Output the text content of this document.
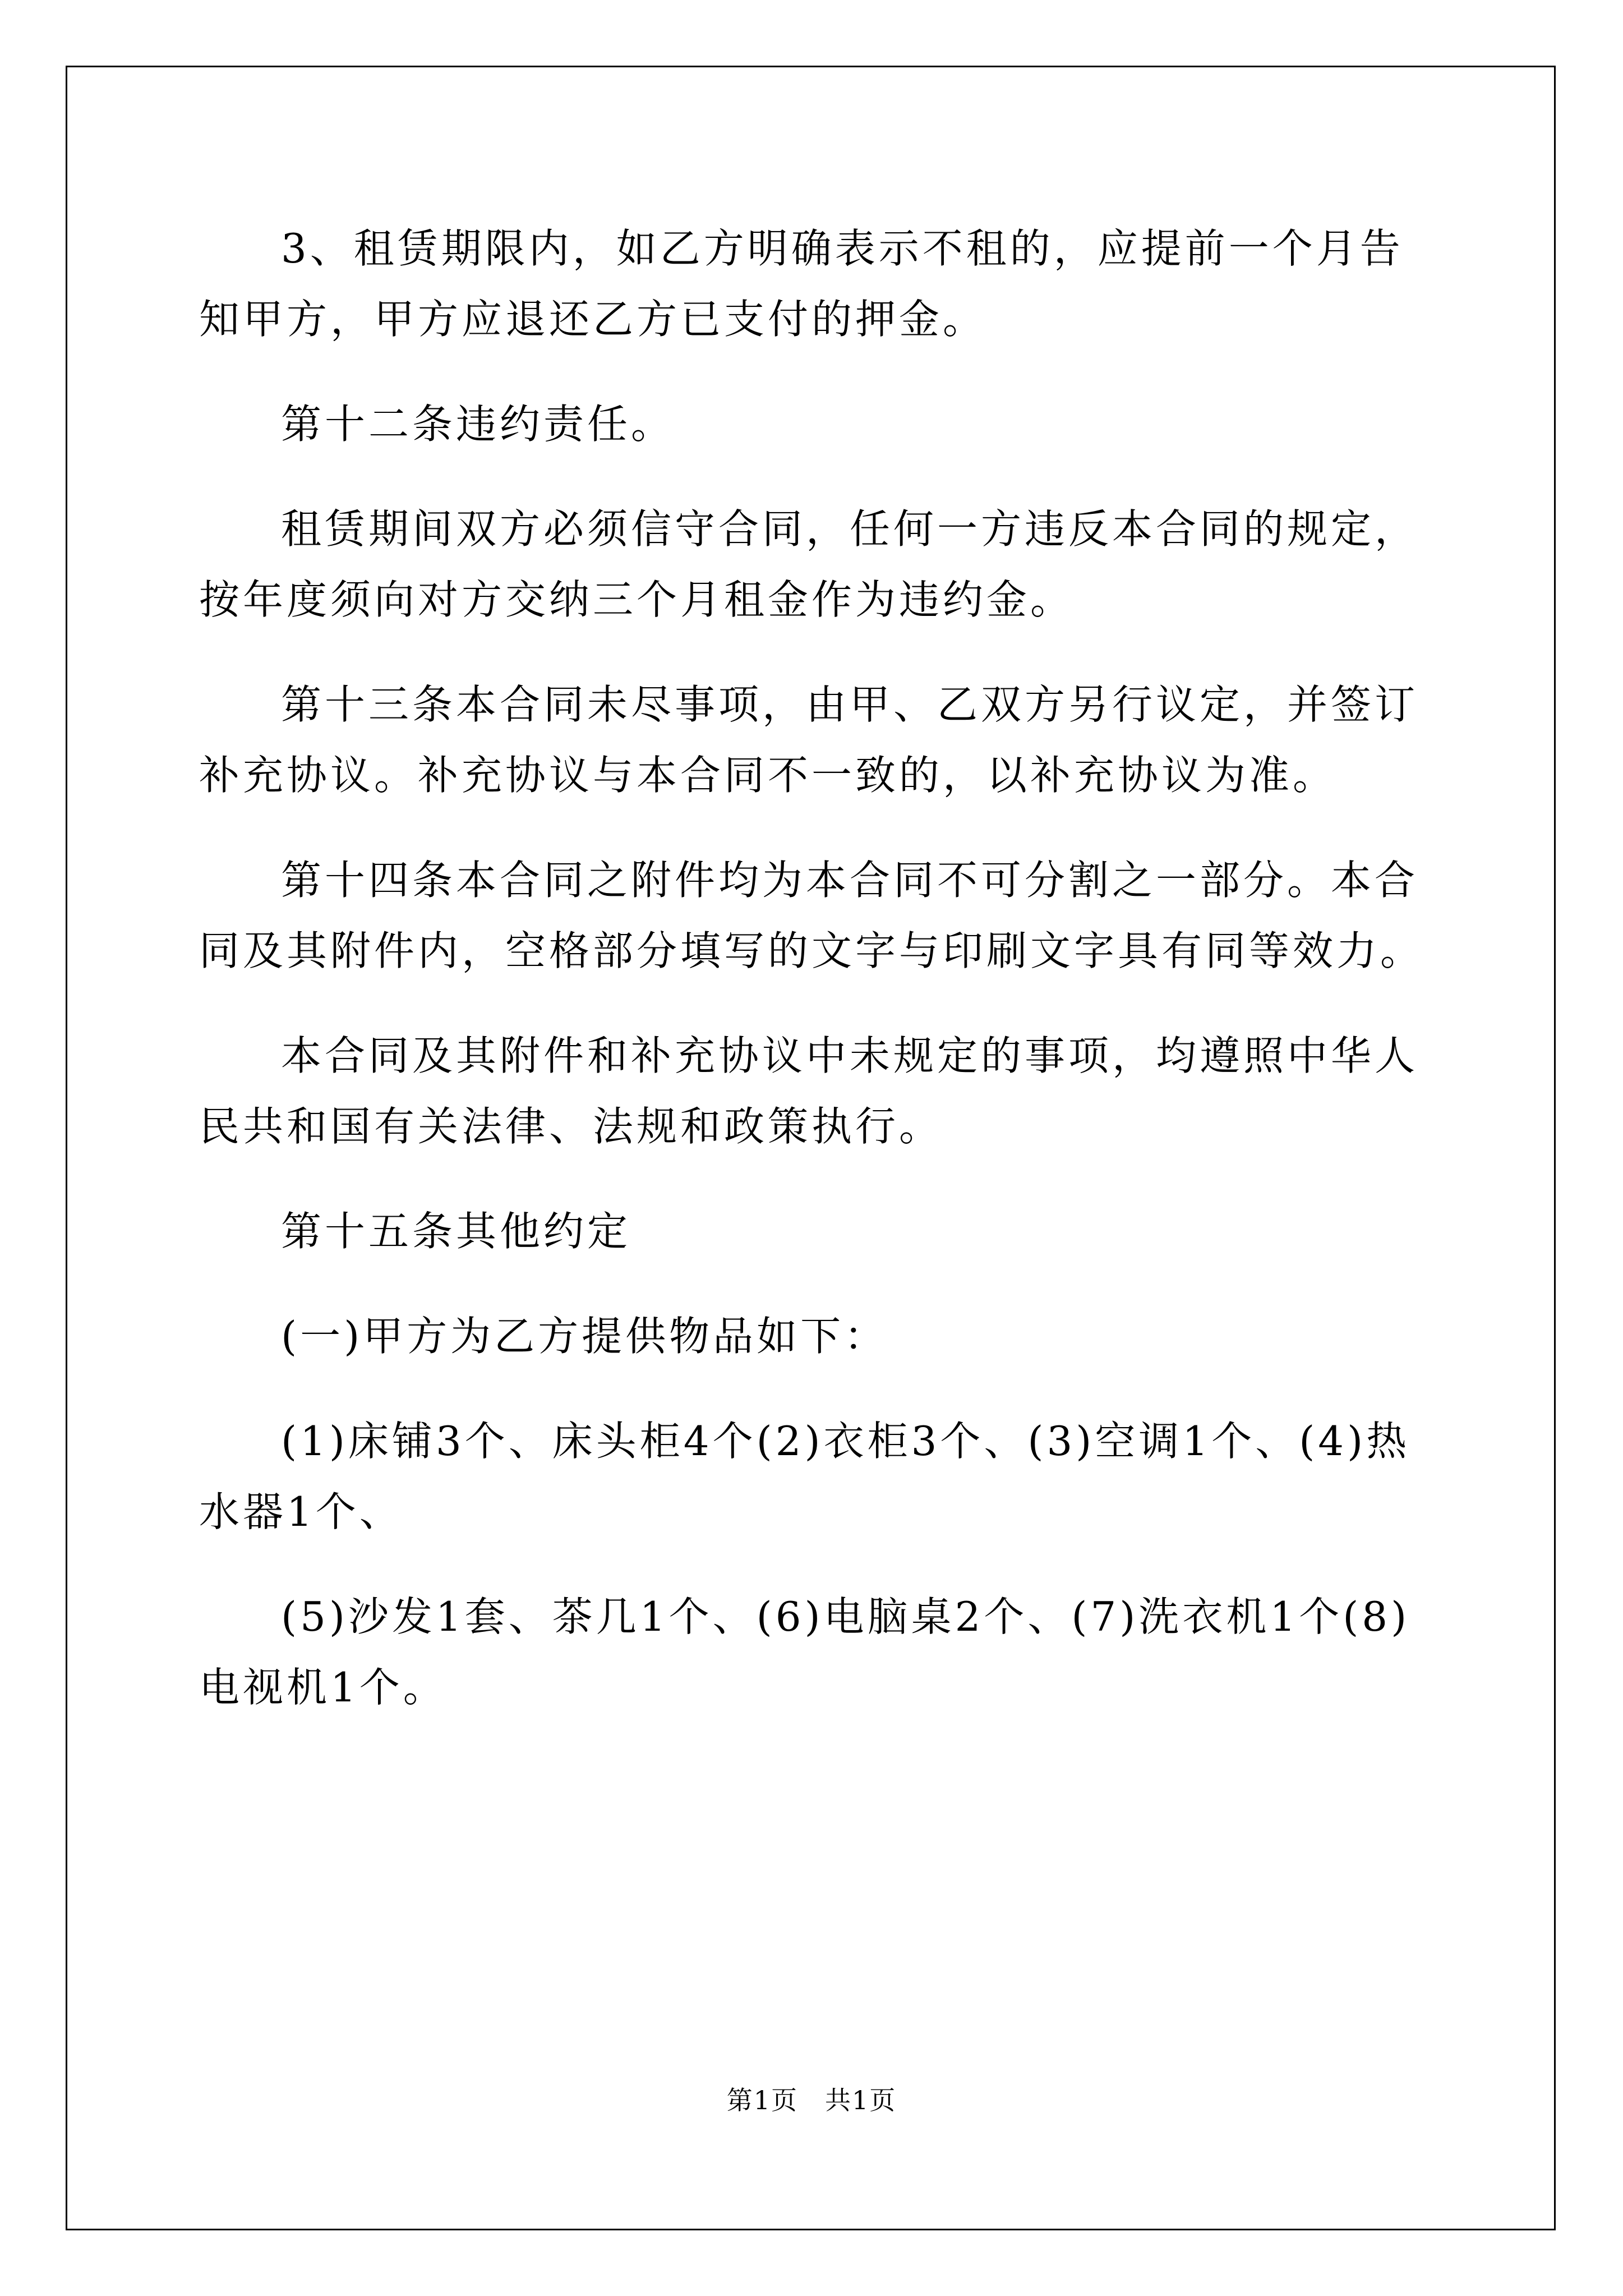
3、租赁期限内，如乙方明确表示不租的，应提前一个月告知甲方，甲方应退还乙方已支付的押金。

第十二条违约责任。

租赁期间双方必须信守合同，任何一方违反本合同的规定，按年度须向对方交纳三个月租金作为违约金。

第十三条本合同未尽事项，由甲、乙双方另行议定，并签订补充协议。补充协议与本合同不一致的，以补充协议为准。

第十四条本合同之附件均为本合同不可分割之一部分。本合同及其附件内，空格部分填写的文字与印刷文字具有同等效力。

本合同及其附件和补充协议中未规定的事项，均遵照中华人民共和国有关法律、法规和政策执行。

第十五条其他约定

(一)甲方为乙方提供物品如下：

(1)床铺3个、床头柜4个(2)衣柜3个、(3)空调1个、(4)热水器1个、

(5)沙发1套、茶几1个、(6)电脑桌2个、(7)洗衣机1个(8)电视机1个。

第1页　共1页
